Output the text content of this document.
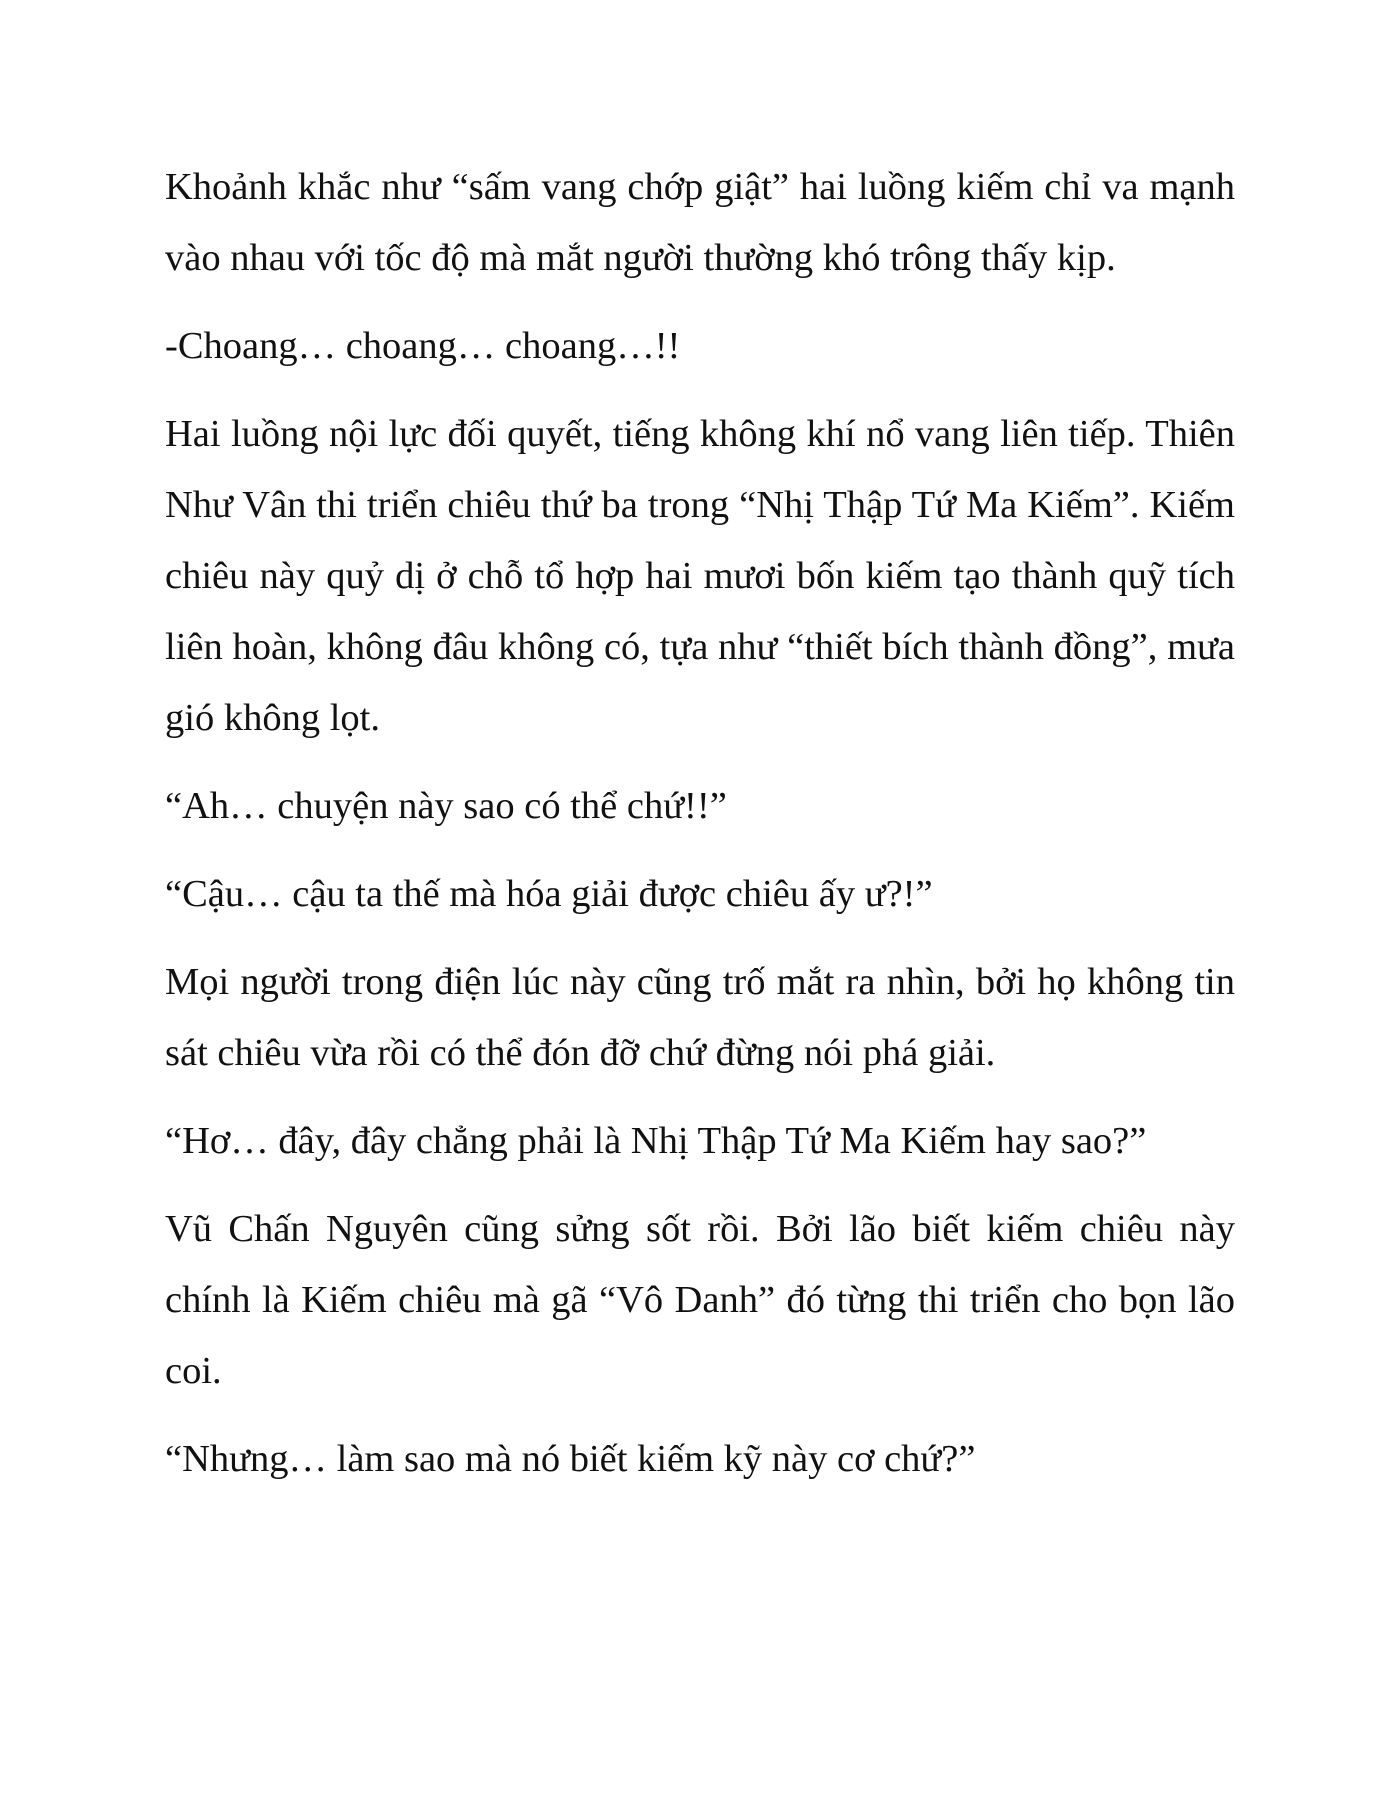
Khoảnh khắc như “sấm vang chớp giật” hai luồng kiếm chỉ va mạnh vào nhau với tốc độ mà mắt người thường khó trông thấy kịp.

-Choang… choang… choang…!!

Hai luồng nội lực đối quyết, tiếng không khí nổ vang liên tiếp. Thiên Như Vân thi triển chiêu thứ ba trong “Nhị Thập Tứ Ma Kiếm”. Kiếm chiêu này quỷ dị ở chỗ tổ hợp hai mươi bốn kiếm tạo thành quỹ tích liên hoàn, không đâu không có, tựa như “thiết bích thành đồng”, mưa gió không lọt.

“Ah… chuyện này sao có thể chứ!!”

“Cậu… cậu ta thế mà hóa giải được chiêu ấy ư?!”

Mọi người trong điện lúc này cũng trố mắt ra nhìn, bởi họ không tin sát chiêu vừa rồi có thể đón đỡ chứ đừng nói phá giải.

“Hơ… đây, đây chẳng phải là Nhị Thập Tứ Ma Kiếm hay sao?”

Vũ Chấn Nguyên cũng sửng sốt rồi. Bởi lão biết kiếm chiêu này chính là Kiếm chiêu mà gã “Vô Danh” đó từng thi triển cho bọn lão coi.

“Nhưng… làm sao mà nó biết kiếm kỹ này cơ chứ?”
